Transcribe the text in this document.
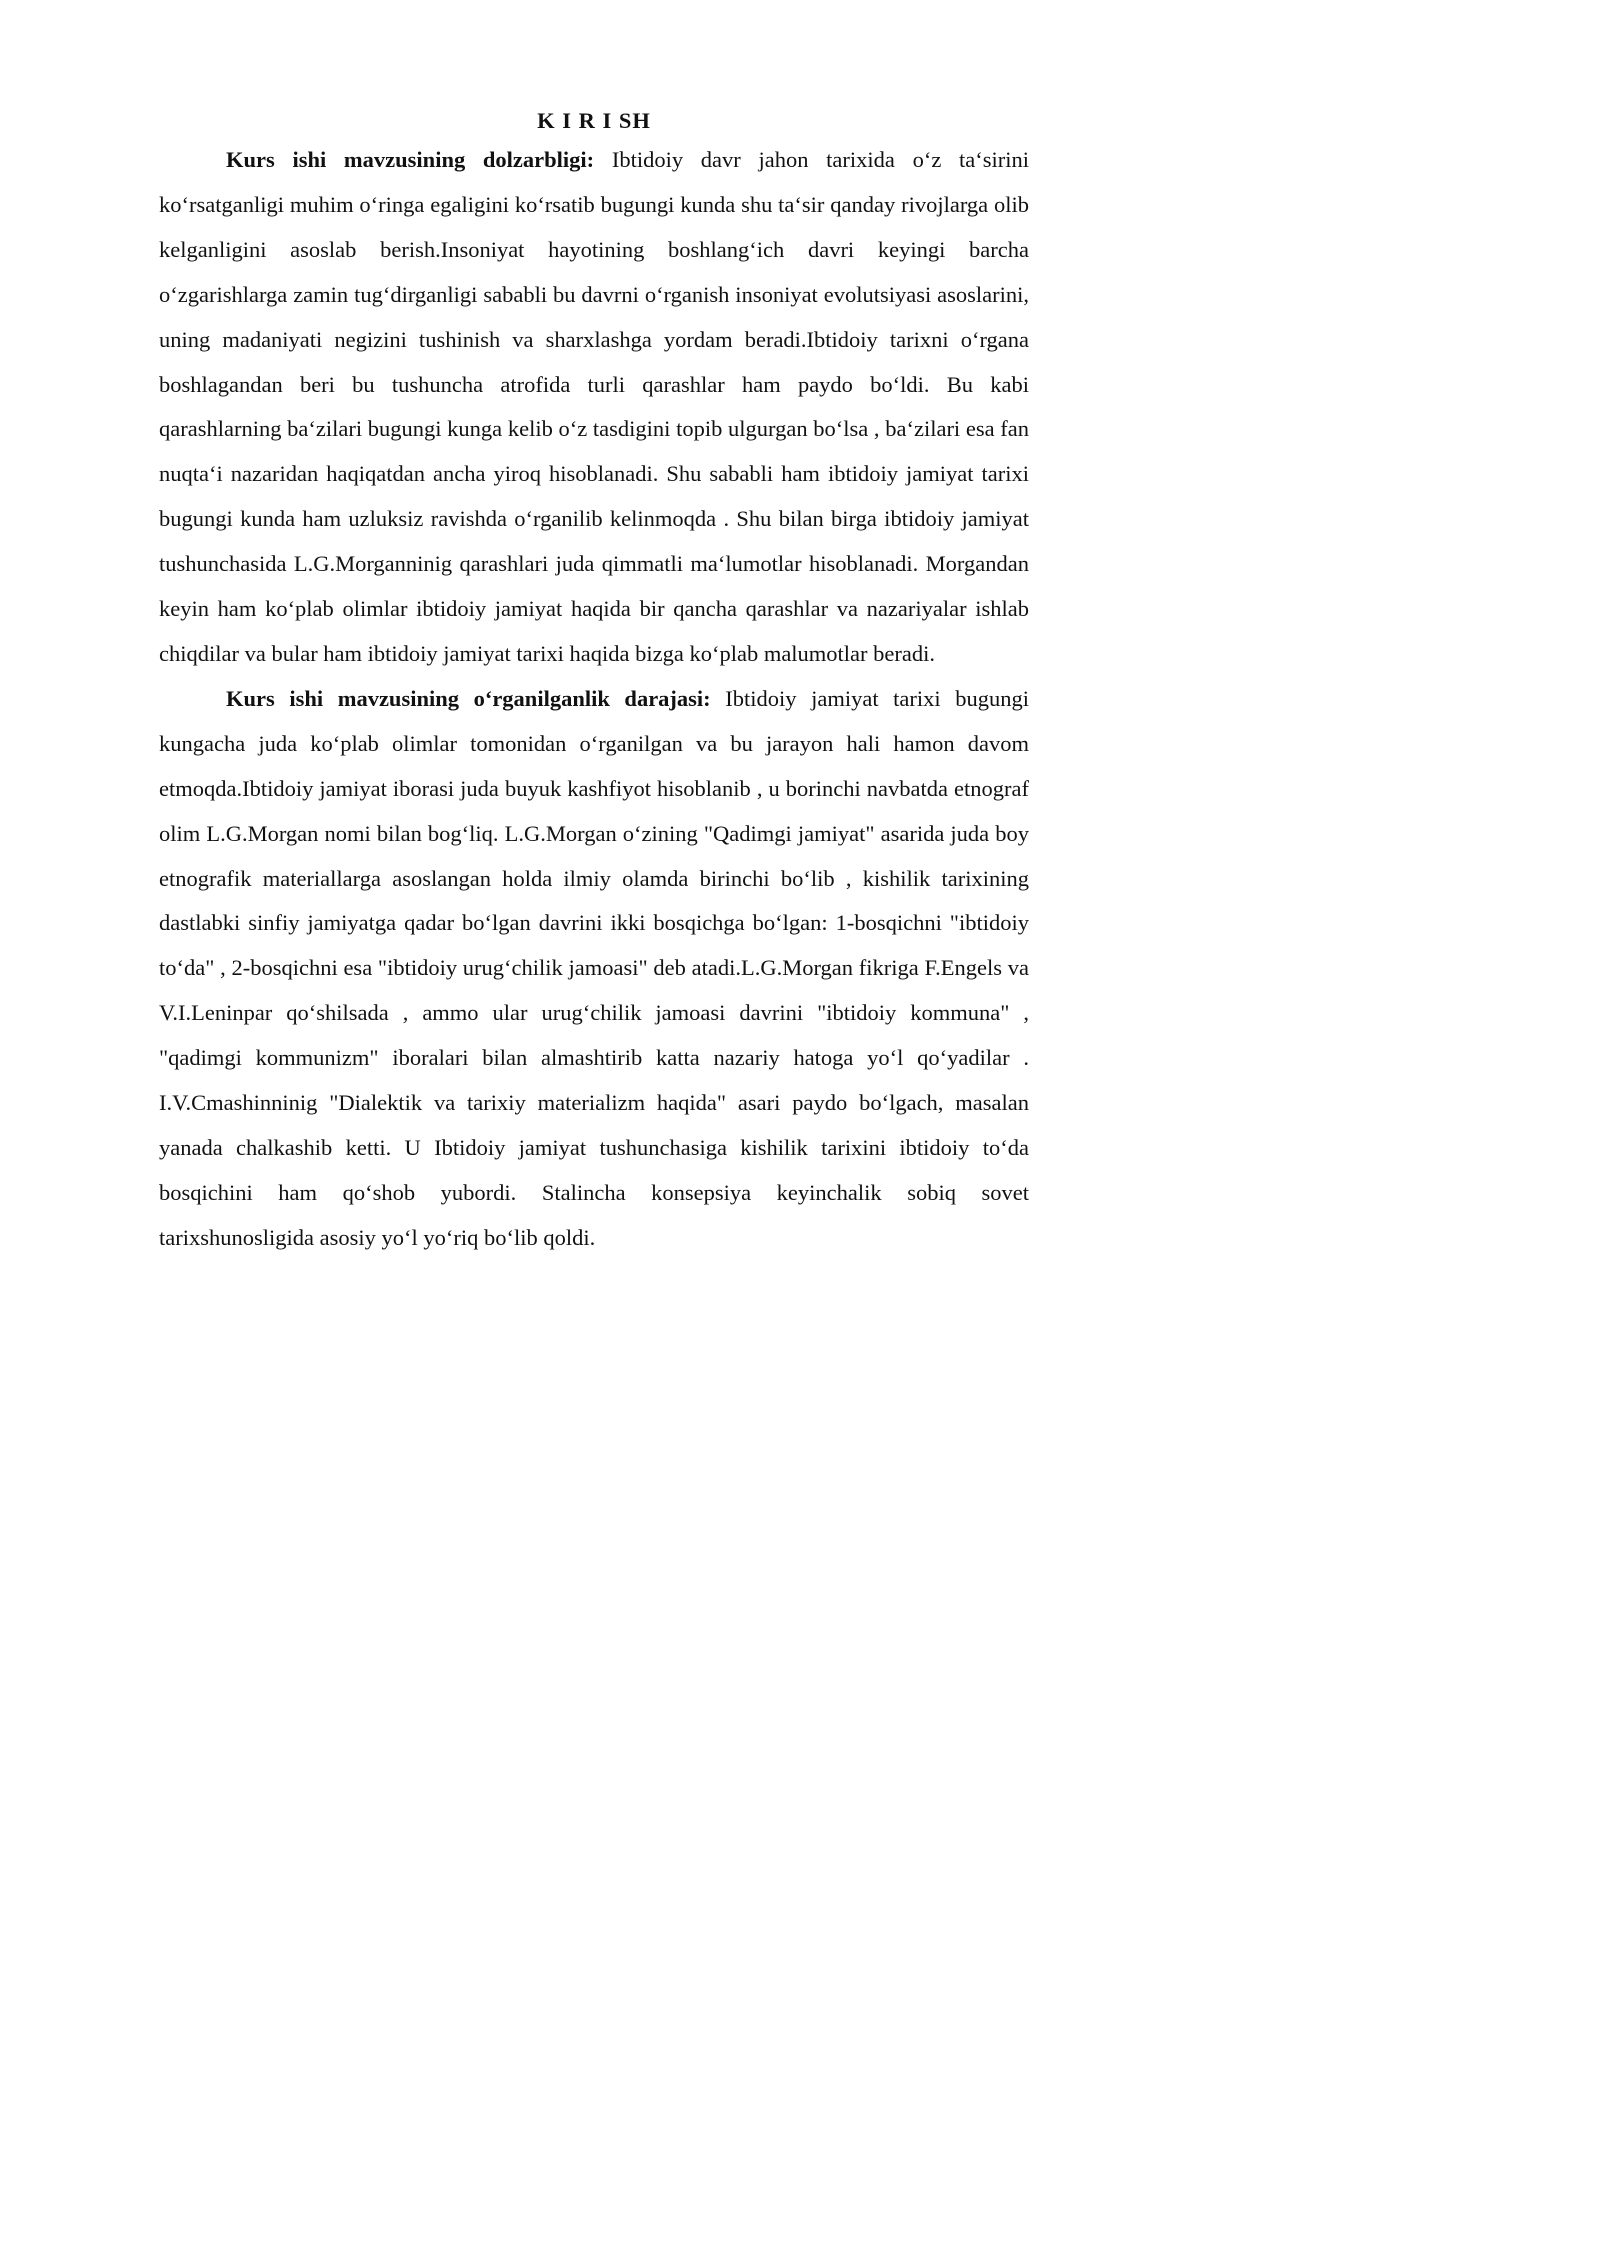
K I R I SH

Kurs ishi mavzusining dolzarbligi: Ibtidoiy davr jahon tarixida o‘z ta‘sirini ko‘rsatganligi muhim o‘ringa egaligini ko‘rsatib bugungi kunda shu ta‘sir qanday rivojlarga olib kelganligini asoslab berish.Insoniyat hayotining boshlang‘ich davri keyingi barcha o‘zgarishlarga zamin tug‘dirganligi sababli bu davrni o‘rganish insoniyat evolutsiyasi asoslarini, uning madaniyati negizini tushinish va sharxlashga yordam beradi.Ibtidoiy tarixni o‘rgana boshlagandan beri bu tushuncha atrofida turli qarashlar ham paydo bo‘ldi. Bu kabi qarashlarning ba‘zilari bugungi kunga kelib o‘z tasdigini topib ulgurgan bo‘lsa , ba‘zilari esa fan nuqta‘i nazaridan haqiqatdan ancha yiroq hisoblanadi. Shu sababli ham ibtidoiy jamiyat tarixi bugungi kunda ham uzluksiz ravishda o‘rganilib kelinmoqda . Shu bilan birga ibtidoiy jamiyat tushunchasida L.G.Morganninig qarashlari juda qimmatli ma‘lumotlar hisoblanadi. Morgandan keyin ham ko‘plab olimlar ibtidoiy jamiyat haqida bir qancha qarashlar va nazariyalar ishlab chiqdilar va bular ham ibtidoiy jamiyat tarixi haqida bizga ko‘plab malumotlar beradi.

Kurs ishi mavzusining o‘rganilganlik darajasi: Ibtidoiy jamiyat tarixi bugungi kungacha juda ko‘plab olimlar tomonidan o‘rganilgan va bu jarayon hali hamon davom etmoqda.Ibtidoiy jamiyat iborasi juda buyuk kashfiyot hisoblanib , u borinchi navbatda etnograf olim L.G.Morgan nomi bilan bog‘liq. L.G.Morgan o‘zining "Qadimgi jamiyat" asarida juda boy etnografik materiallarga asoslangan holda ilmiy olamda birinchi bo‘lib , kishilik tarixining dastlabki sinfiy jamiyatga qadar bo‘lgan davrini ikki bosqichga bo‘lgan: 1-bosqichni "ibtidoiy to‘da" , 2-bosqichni esa "ibtidoiy urug‘chilik jamoasi" deb atadi.L.G.Morgan fikriga F.Engels va V.I.Leninpar qo‘shilsada , ammo ular urug‘chilik jamoasi davrini "ibtidoiy kommuna" , "qadimgi kommunizm" iboralari bilan almashtirib katta nazariy hatoga yo‘l qo‘yadilar . I.V.Cmashinninig "Dialektik va tarixiy materializm haqida" asari paydo bo‘lgach, masalan yanada chalkashib ketti. U Ibtidoiy jamiyat tushunchasiga kishilik tarixini ibtidoiy to‘da bosqichini ham qo‘shob yubordi. Stalincha konsepsiya keyinchalik sobiq sovet tarixshunosligida asosiy yo‘l yo‘riq bo‘lib qoldi.
